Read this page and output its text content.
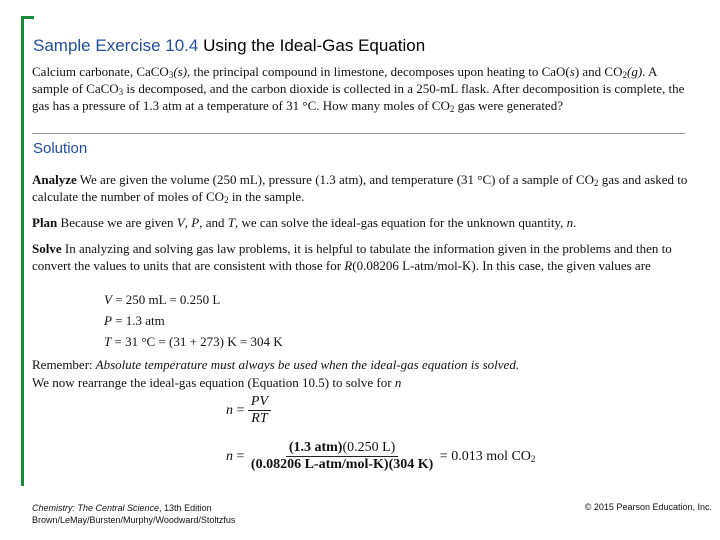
Sample Exercise 10.4 Using the Ideal-Gas Equation
Calcium carbonate, CaCO$_3$(s), the principal compound in limestone, decomposes upon heating to CaO(s) and $CO_2(g)$. A sample of CaCO$_3$ is decomposed, and the carbon dioxide is collected in a 250-mL flask. After decomposition is complete, the gas has a pressure of 1.3 atm at a temperature of 31 °C. How many moles of $CO_2$ gas were generated?
Solution
Analyze We are given the volume (250 mL), pressure (1.3 atm), and temperature (31 °C) of a sample of $CO_2$ gas and asked to calculate the number of moles of $CO_2$ in the sample.
Plan Because we are given V, P, and T, we can solve the ideal-gas equation for the unknown quantity, n.
Solve In analyzing and solving gas law problems, it is helpful to tabulate the information given in the problems and then to convert the values to units that are consistent with those for R(0.08206 L-atm/mol-K). In this case, the given values are
V = 250 mL = 0.250 L
P = 1.3 atm
T = 31 °C = (31 + 273) K = 304 K
Remember: Absolute temperature must always be used when the ideal-gas equation is solved.
We now rearrange the ideal-gas equation (Equation 10.5) to solve for n
$n = \frac{PV}{RT}$
$n = \frac{\text{(1.3 atm)(0.250 L)}}{\text{(0.08206 L-atm/mol-K)(304 K)}} = 0.013$ mol $CO_2$
Chemistry: The Central Science, 13th Edition
Brown/LeMay/Bursten/Murphy/Woodward/Stoltzfus
© 2015 Pearson Education, Inc.
